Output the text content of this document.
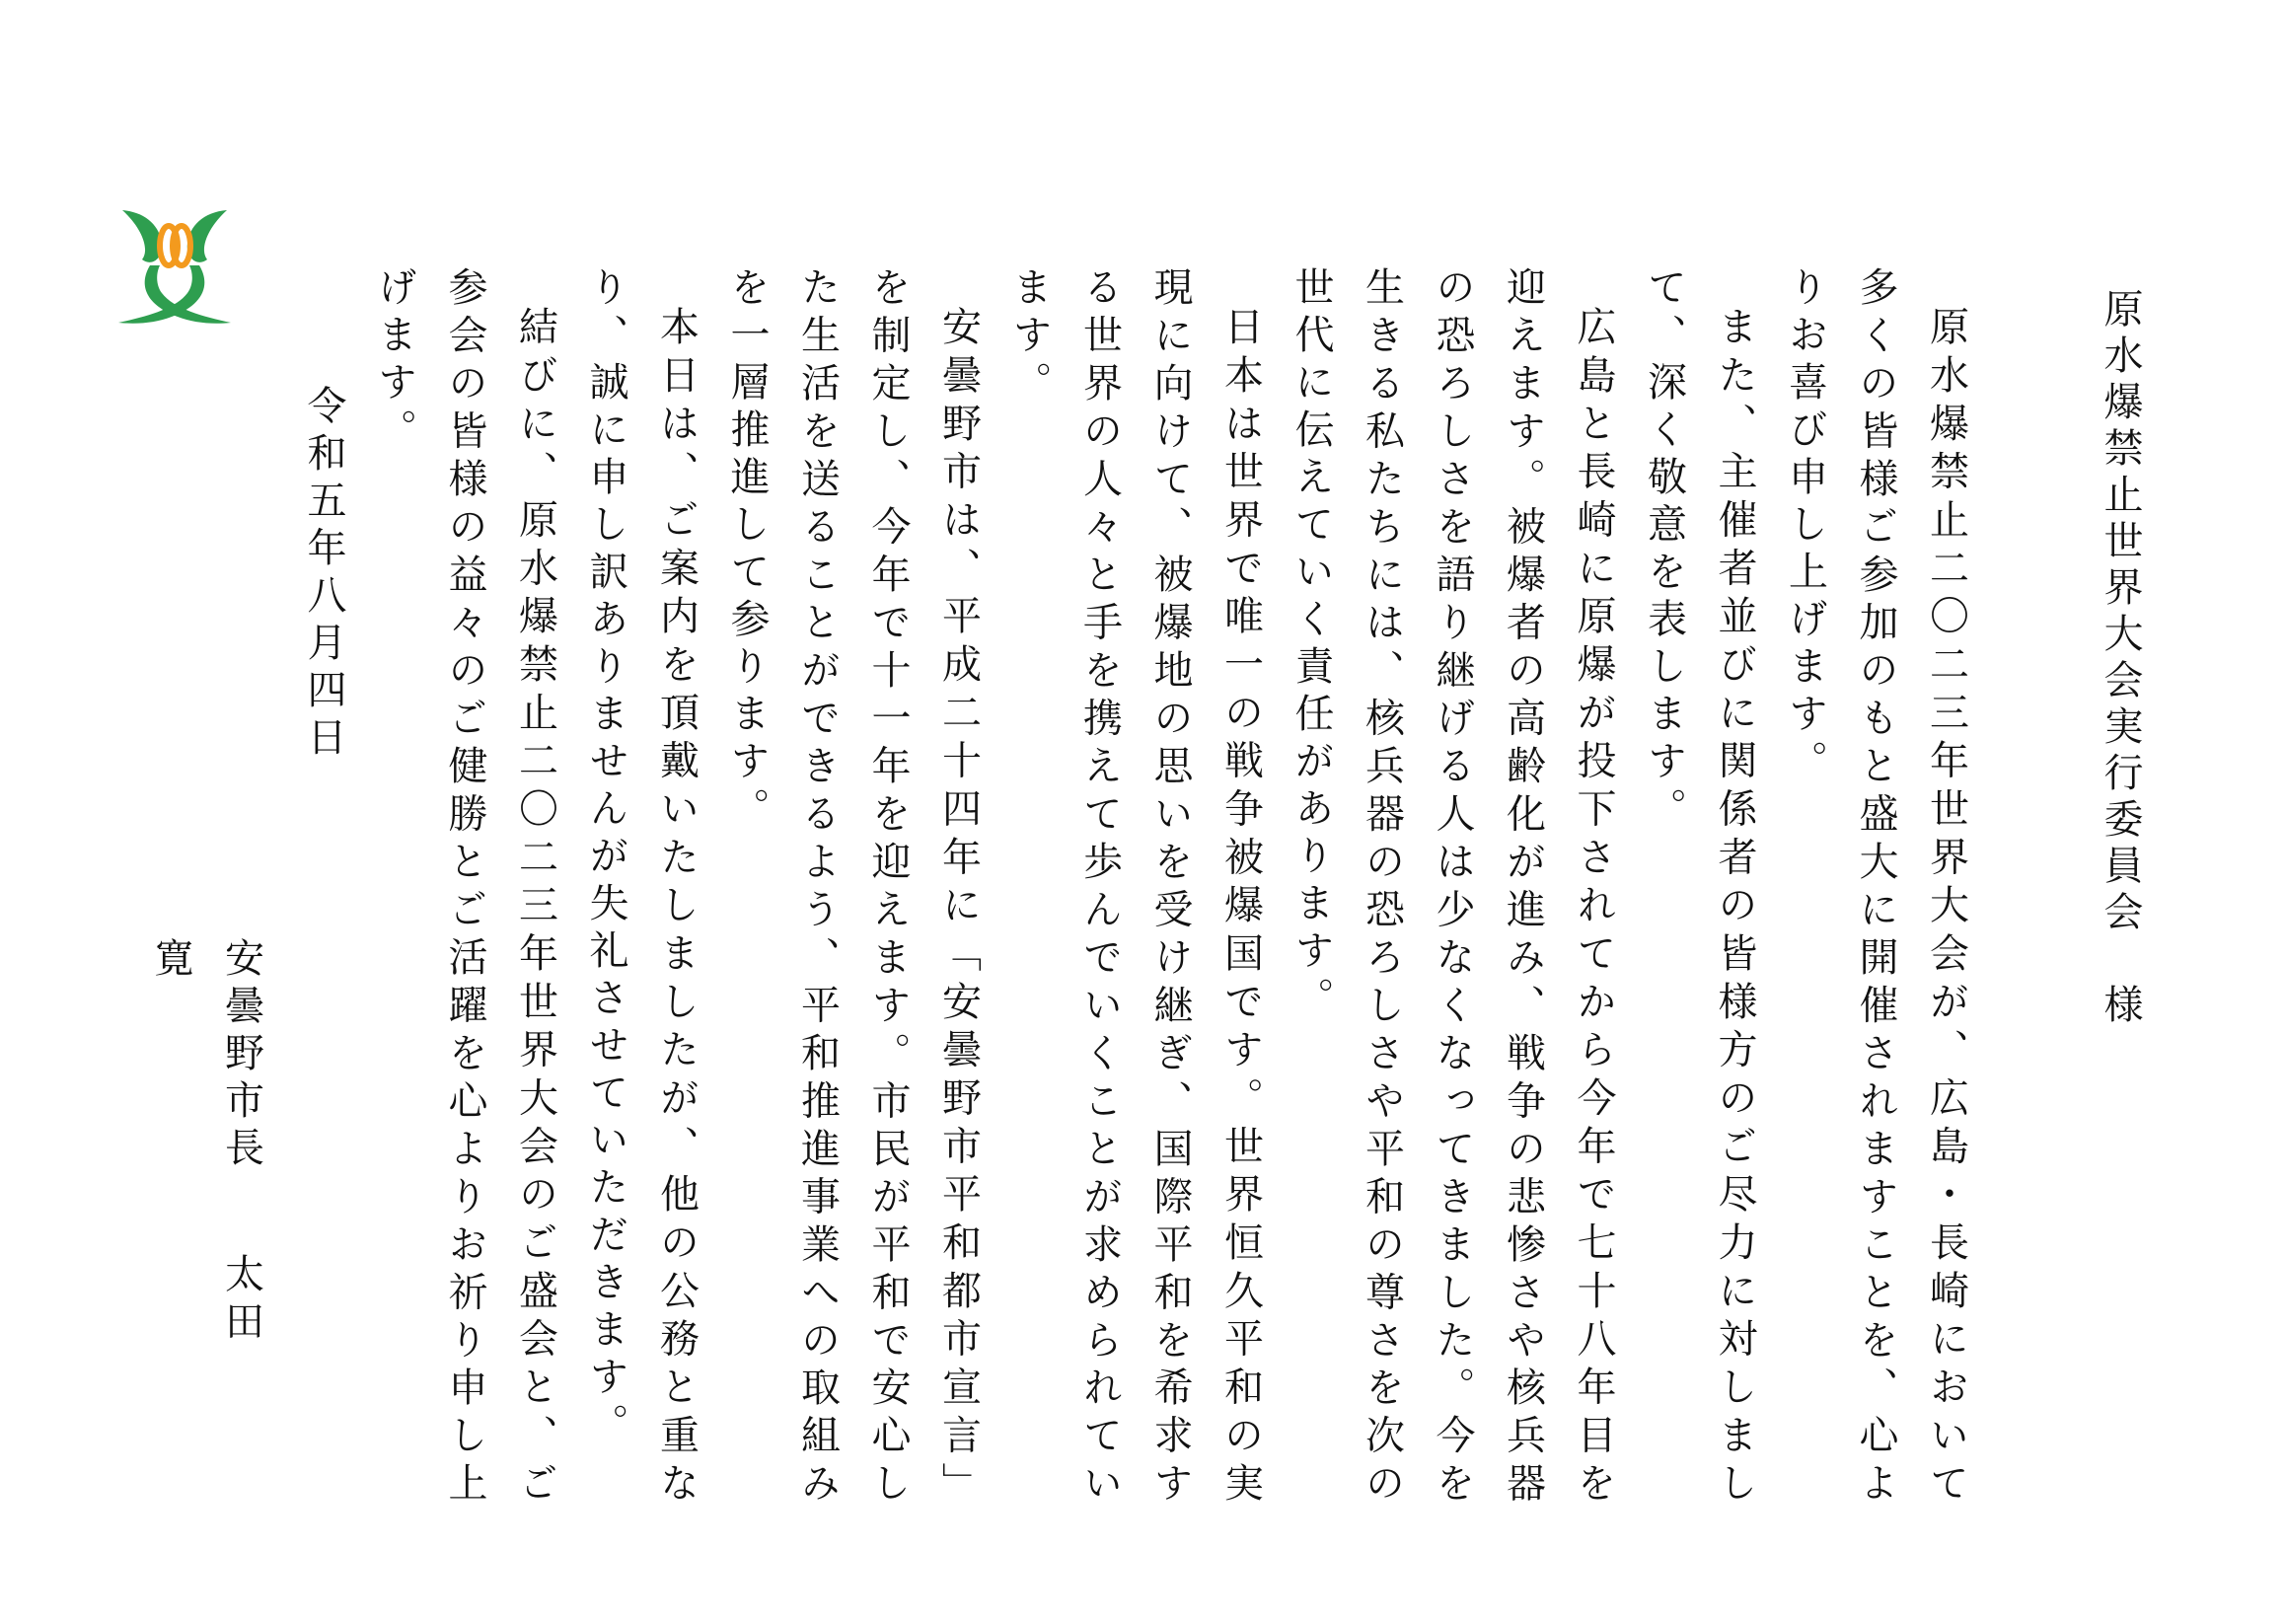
原水爆禁止世界大会実行委員会　様

原水爆禁止二〇二三年世界大会が、広島・長崎において多くの皆様ご参加のもと盛大に開催されますことを、心よりお喜び申し上げます。

また、主催者並びに関係者の皆様方のご尽力に対しまして、深く敬意を表します。

広島と長崎に原爆が投下されてから今年で七十八年目を迎えます。被爆者の高齢化が進み、戦争の悲惨さや核兵器の恐ろしさを語り継げる人は少なくなってきました。今を生きる私たちには、核兵器の恐ろしさや平和の尊さを次の世代に伝えていく責任があります。

日本は世界で唯一の戦争被爆国です。世界恒久平和の実現に向けて、被爆地の思いを受け継ぎ、国際平和を希求する世界の人々と手を携えて歩んでいくことが求められています。

安曇野市は、平成二十四年に「安曇野市平和都市宣言」を制定し、今年で十一年を迎えます。市民が平和で安心した生活を送ることができるよう、平和推進事業への取組みを一層推進して参ります。

本日は、ご案内を頂戴いたしましたが、他の公務と重なり、誠に申し訳ありませんが失礼させていただきます。

結びに、原水爆禁止二〇二三年世界大会のご盛会と、ご参会の皆様の益々のご健勝とご活躍を心よりお祈り申し上げます。

令和五年八月四日

安曇野市長太田寛
